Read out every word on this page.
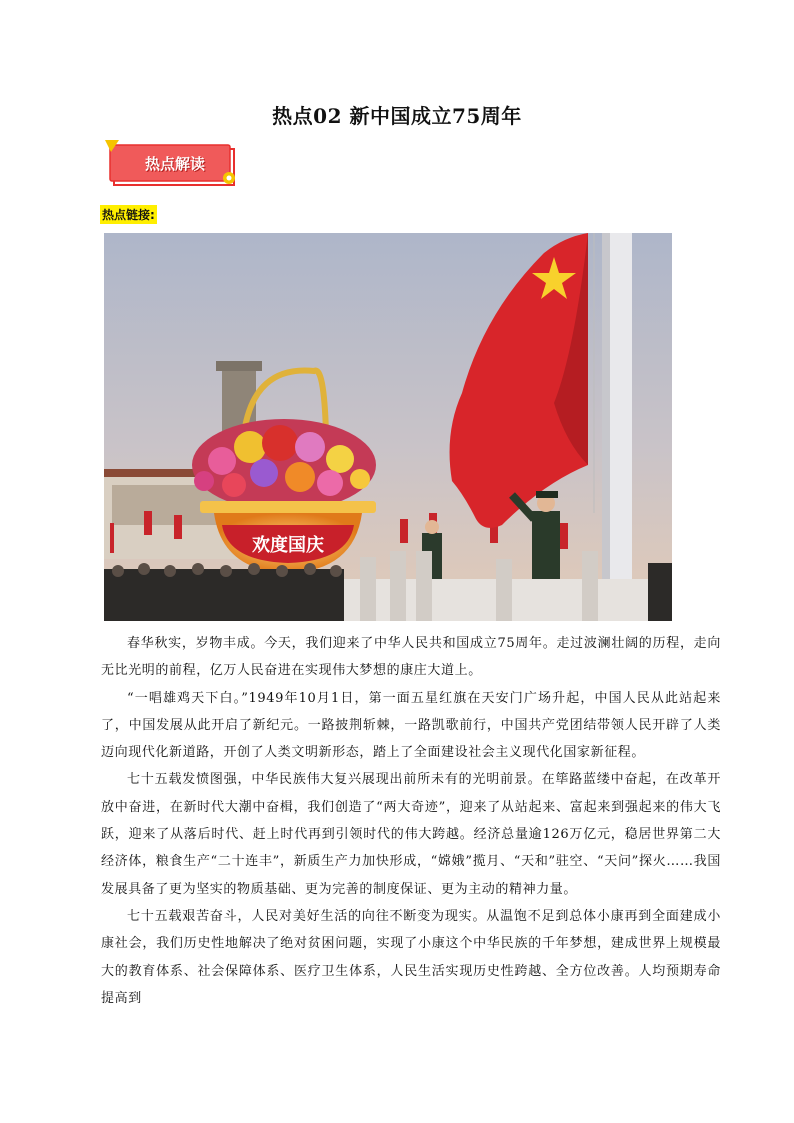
热点02 新中国成立75周年
热点解读
热点链接:
欢度国庆

春华秋实，岁物丰成。今天，我们迎来了中华人民共和国成立75周年。走过波澜壮阔的历程，走向无比光明的前程，亿万人民奋进在实现伟大梦想的康庄大道上。

“一唱雄鸡天下白。”1949年10月1日，第一面五星红旗在天安门广场升起，中国人民从此站起来了，中国发展从此开启了新纪元。一路披荆斩棘，一路凯歌前行，中国共产党团结带领人民开辟了人类迈向现代化新道路，开创了人类文明新形态，踏上了全面建设社会主义现代化国家新征程。

七十五载发愤图强，中华民族伟大复兴展现出前所未有的光明前景。在筚路蓝缕中奋起，在改革开放中奋进，在新时代大潮中奋楫，我们创造了“两大奇迹”，迎来了从站起来、富起来到强起来的伟大飞跃，迎来了从落后时代、赶上时代再到引领时代的伟大跨越。经济总量逾126万亿元，稳居世界第二大经济体，粮食生产“二十连丰”，新质生产力加快形成，“嫦娥”揽月、“天和”驻空、“天问”探火……我国发展具备了更为坚实的物质基础、更为完善的制度保证、更为主动的精神力量。

七十五载艰苦奋斗，人民对美好生活的向往不断变为现实。从温饱不足到总体小康再到全面建成小康社会，我们历史性地解决了绝对贫困问题，实现了小康这个中华民族的千年梦想，建成世界上规模最大的教育体系、社会保障体系、医疗卫生体系，人民生活实现历史性跨越、全方位改善。人均预期寿命提高到
